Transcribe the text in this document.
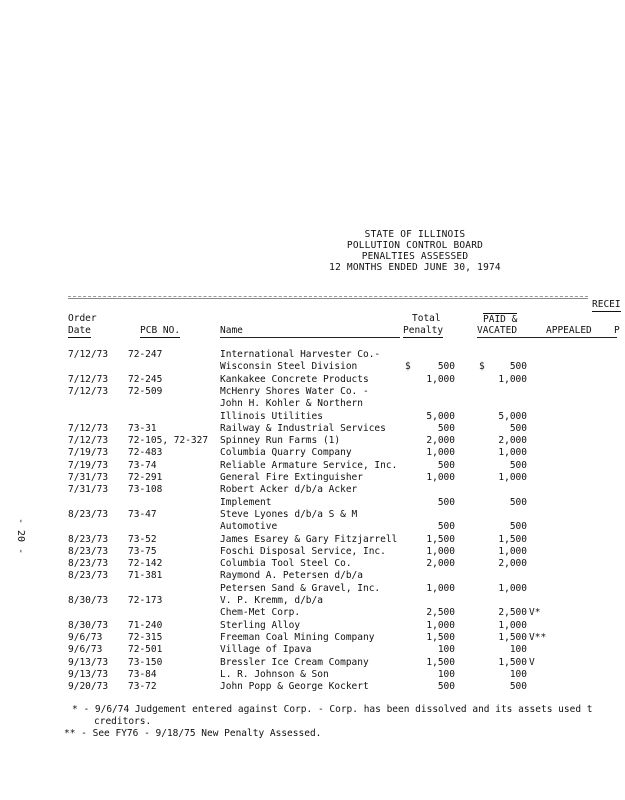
STATE OF ILLINOIS
POLLUTION CONTROL BOARD
PENALTIES ASSESSED
12 MONTHS ENDED JUNE 30, 1974
RECEI
Order
Date	PCB NO.	Name
Total
Penalty
PAID &
VACATED	APPEALED P
7/12/73 72-247	International Harvester Co.-
Wisconsin Steel Division	$	500	$	500
7/12/73 72-245	Kankakee Concrete Products	1,000	1,000
7/12/73 72-509	McHenry Shores Water Co. -
John H. Kohler & Northern
Illinois Utilities	5,000	5,000
7/12/73 73-31	Railway & Industrial Services	500	500
7/12/73 72-105, 72-327 Spinney Run Farms (1)	2,000	2,000
7/19/73 72-483	Columbia Quarry Company	1,000	1,000
7/19/73 73-74	Reliable Armature Service, Inc.	500	500
7/31/73 72-291	General Fire Extinguisher	1,000	1,000
7/31/73 73-108	Robert Acker d/b/a Acker
Implement	500	500
8/23/73 73-47	Steve Lyones d/b/a S & M
Automotive	500	500
8/23/73 73-52	James Esarey & Gary Fitzjarrell	1,500	1,500
8/23/73 73-75	Foschi Disposal Service, Inc.	1,000	1,000
8/23/73 72-142	Columbia Tool Steel Co.	2,000	2,000
8/23/73 71-381	Raymond A. Petersen d/b/a
Petersen Sand & Gravel, Inc.	1,000	1,000
8/30/73 72-173	V. P. Kremm, d/b/a
Chem-Met Corp.	2,500	2,500 V*
8/30/73 71-240	Sterling Alloy	1,000	1,000
9/6/73	72-315	Freeman Coal Mining Company	1,500	1,500 V**
9/6/73	72-501	Village of Ipava	100	100
9/13/73 73-150	Bressler Ice Cream Company	1,500	1,500 V
9/13/73 73-84	L. R. Johnson & Son	100	100
9/20/73 73-72	John Popp & George Kockert	500	500
* - 9/6/74 Judgement entered against Corp. - Corp. has been dissolved and its assets used t
creditors.
** - See FY76 - 9/18/75 New Penalty Assessed.
- 20 -
